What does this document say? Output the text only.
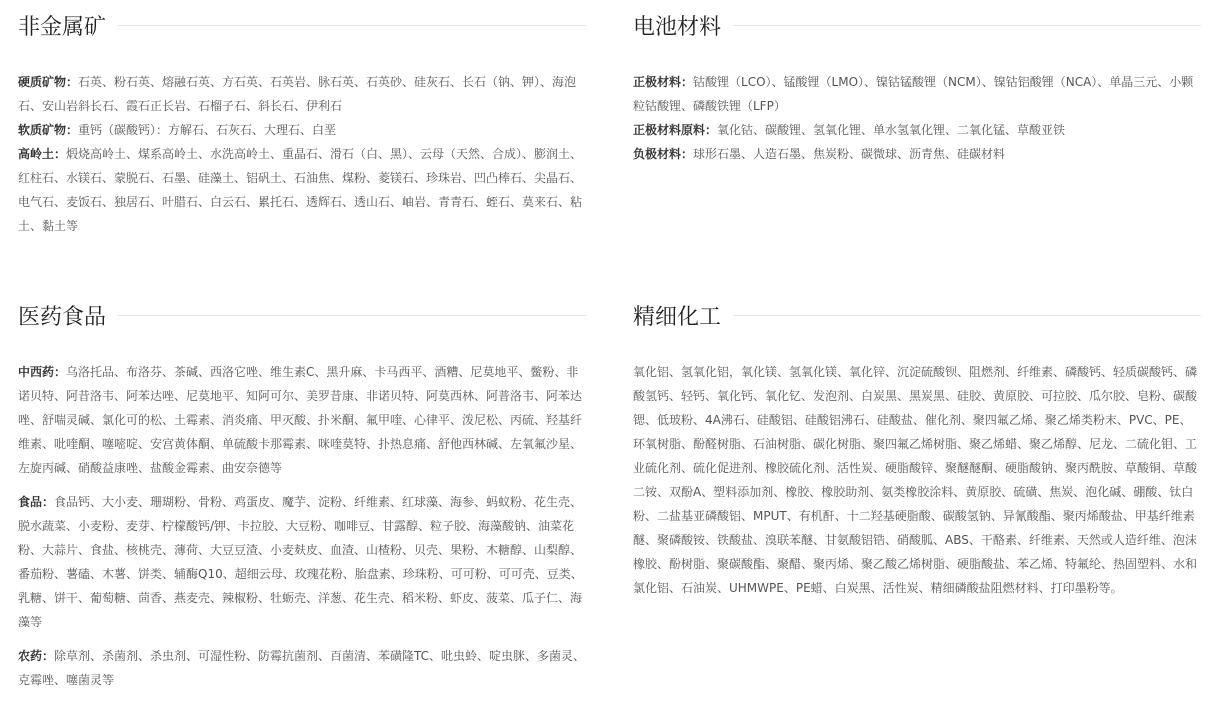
非金属矿

硬质矿物：石英、粉石英、熔融石英、方石英、石英岩、脉石英、石英砂、硅灰石、长石（钠、钾）、海泡石、安山岩斜长石、霞石正长岩、石榴子石、斜长石、伊利石

软质矿物：重钙（碳酸钙）：方解石、石灰石、大理石、白垩

高岭土：煅烧高岭土、煤系高岭土、水洗高岭土、重晶石、滑石（白、黑）、云母（天然、合成）、膨润土、红柱石、水镁石、蒙脱石、石墨、硅藻土、铝矾土、石油焦、煤粉、菱镁石、珍珠岩、凹凸棒石、尖晶石、电气石、麦饭石、独居石、叶腊石、白云石、累托石、透辉石、透山石、岫岩、青青石、蛭石、莫来石、粘土、黏土等

电池材料

正极材料：钴酸锂（LCO）、锰酸锂（LMO）、镍钴锰酸锂（NCM）、镍钴铝酸锂（NCA）、单晶三元、小颗粒钴酸锂、磷酸铁锂（LFP）

正极材料原料：氧化钴、碳酸锂、氢氧化锂、单水氢氧化锂、二氧化锰、草酸亚铁

负极材料：球形石墨、人造石墨、焦炭粉、碳微球、沥青焦、硅碳材料

医药食品

中西药：乌洛托品、布洛芬、茶碱、西洛它唑、维生素C、黑升麻、卡马西平、酒糟、尼莫地平、鳖粉、非诺贝特、阿昔洛韦、阿苯达唑、尼莫地平、知阿可尔、美罗昔康、非诺贝特、阿莫西林、阿普洛韦、阿苯达唑、舒喘灵碱、氯化可的松、土霉素、消炎痛、甲灭酸、扑米酮、氟甲喹、心律平、泼尼松、丙硫、羟基纤维素、吡喹酮、噻嘧啶、安宫黄体酮、单硫酸卡那霉素、咪喹莫特、扑热息痛、舒他西林碱、左氧氟沙星、左旋丙碱、硝酸益康唑、盐酸金霉素、曲安奈德等

食品：食品钙、大小麦、珊瑚粉、骨粉、鸡蛋皮、魔芋、淀粉、纤维素、红球藻、海参、蚂蚁粉、花生壳、脱水蔬菜、小麦粉、麦芽、柠檬酸钙/钾、卡拉胶、大豆粉、咖啡豆、甘露醇、粒子胶、海藻酸钠、油菜花粉、大蒜片、食盐、核桃壳、薄荷、大豆豆渣、小麦麸皮、血渣、山楂粉、贝壳、果粉、木糖醇、山梨醇、番茄粉、薯磕、木薯、饼类、辅酶Q10、超细云母、玫瑰花粉、胎盘素、珍珠粉、可可粉、可可壳、豆类、乳糖、饼干、葡萄糖、茴香、燕麦壳、辣椒粉、牡蛎壳、洋葱、花生壳、稻米粉、虾皮、菠菜、瓜子仁、海藻等

农药：除草剂、杀菌剂、杀虫剂、可湿性粉、防霉抗菌剂、百菌清、苯磺隆TC、吡虫蛉、啶虫脒、多菌灵、克霉唑、噻菌灵等

精细化工

氧化铝、氢氧化铝，氧化镁、氢氧化镁、氧化锌、沉淀硫酸钡、阻燃剂、纤维素、磷酸钙、轻质碳酸钙、磷酸氢钙、轻钙、氧化钙、氧化钇、发泡剂、白炭黑、黑炭黑、硅胶、黄原胶、可拉胶、瓜尔胶、皂粉、碳酸锶、低玻粉、4A沸石、硅酸铝、硅酸铝沸石、硅酸盐、催化剂、聚四氟乙烯、聚乙烯类粉末、PVC、PE、环氧树脂、酚醛树脂、石油树脂、碳化树脂、聚四氟乙烯树脂、聚乙烯蜡、聚乙烯醇、尼龙、二硫化钼、工业硫化剂、硫化促进剂、橡胶硫化剂、活性炭、硬脂酸锌、聚醚醚酮、硬脂酸钠、聚丙酰胺、草酸铜、草酸二铵、双酚A、塑料添加剂、橡胶、橡胶助剂、氨类橡胶涂料、黄原胶、硫磺、焦炭、泡化碱、硼酸、钛白粉、二盐基亚磷酸铝、MPUT、有机酐、十二羟基硬脂酸、碳酸氢钠、异氰酸酯、聚丙烯酸盐、甲基纤维素醚、聚磷酸铵、铁酸盐、溴联苯醚、甘氨酸铝锆、硝酸胍、ABS、干酪素、纤维素、天然或人造纤维、泡沫橡胶、酚树脂、聚碳酸酯、聚醋、聚丙烯、聚乙酸乙烯树脂、硬脂酸盐、苯乙烯、特氟纶、热固塑料、水和氯化铝、石油炭、UHMWPE、PE蜡、白炭黑、活性炭、精细磷酸盐阻燃材料、打印墨粉等。
